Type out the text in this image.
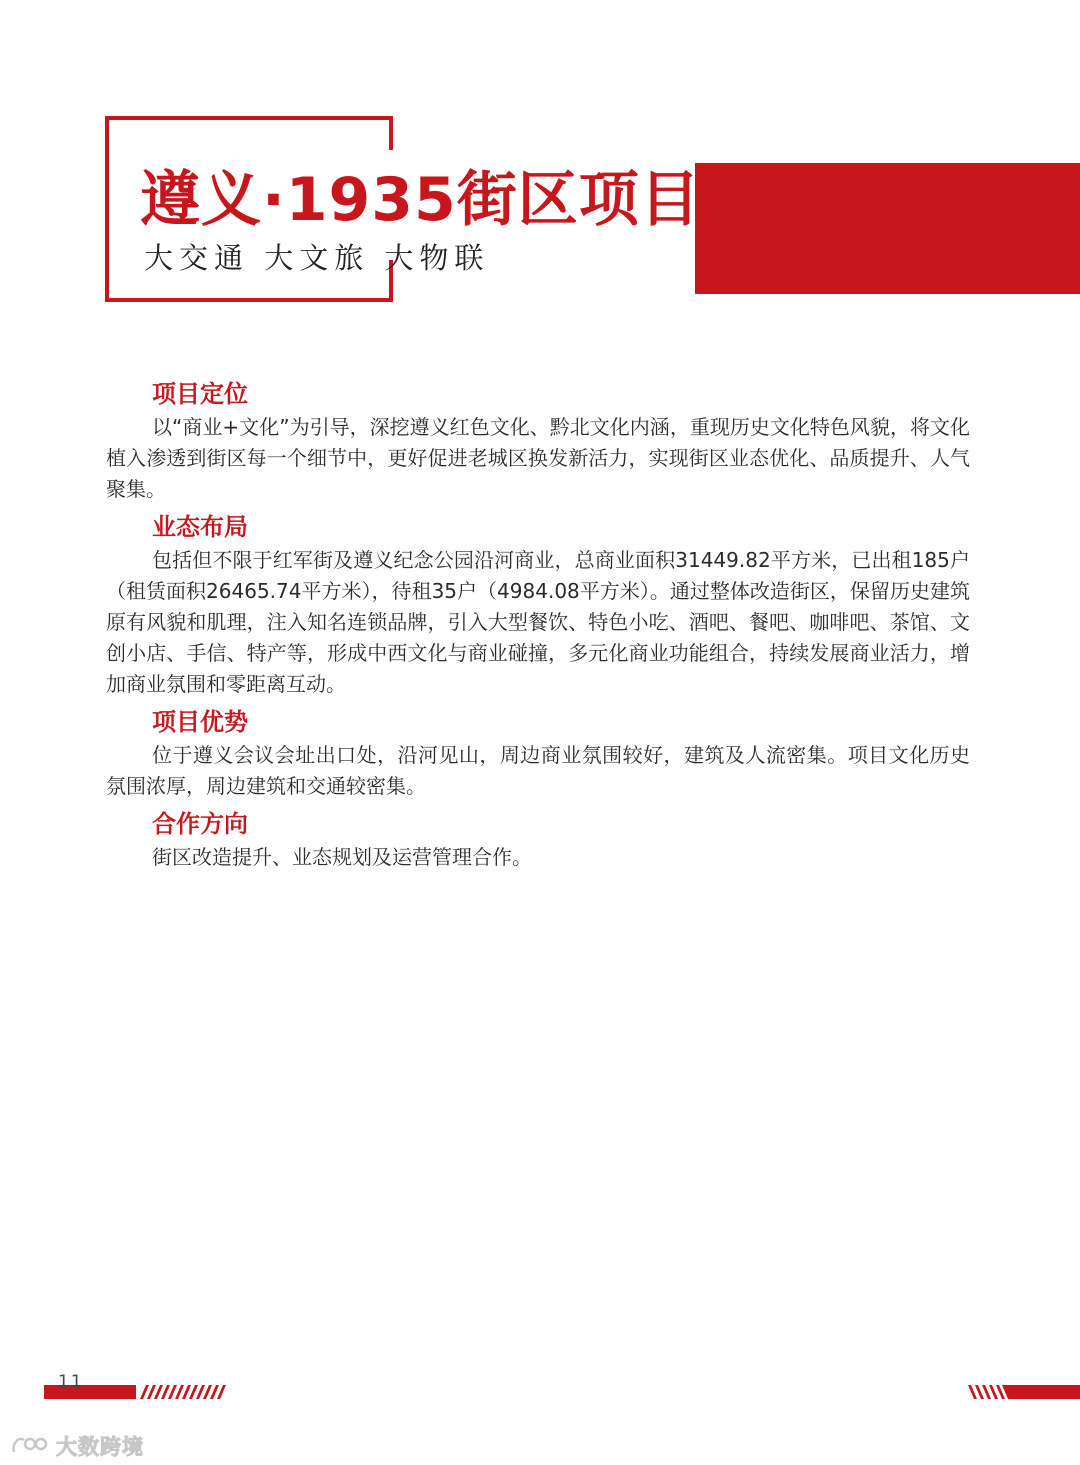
遵义·1935街区项目
大交通 大文旅 大物联
项目定位

以“商业+文化”为引导，深挖遵义红色文化、黔北文化内涵，重现历史文化特色风貌，将文化植入渗透到街区每一个细节中，更好促进老城区换发新活力，实现街区业态优化、品质提升、人气聚集。

业态布局

包括但不限于红军街及遵义纪念公园沿河商业，总商业面积31449.82平方米，已出租185户（租赁面积26465.74平方米），待租35户（4984.08平方米）。通过整体改造街区，保留历史建筑原有风貌和肌理，注入知名连锁品牌，引入大型餐饮、特色小吃、酒吧、餐吧、咖啡吧、茶馆、文创小店、手信、特产等，形成中西文化与商业碰撞，多元化商业功能组合，持续发展商业活力，增加商业氛围和零距离互动。

项目优势

位于遵义会议会址出口处，沿河见山，周边商业氛围较好，建筑及人流密集。项目文化历史氛围浓厚，周边建筑和交通较密集。

合作方向

街区改造提升、业态规划及运营管理合作。

11
大数跨境
